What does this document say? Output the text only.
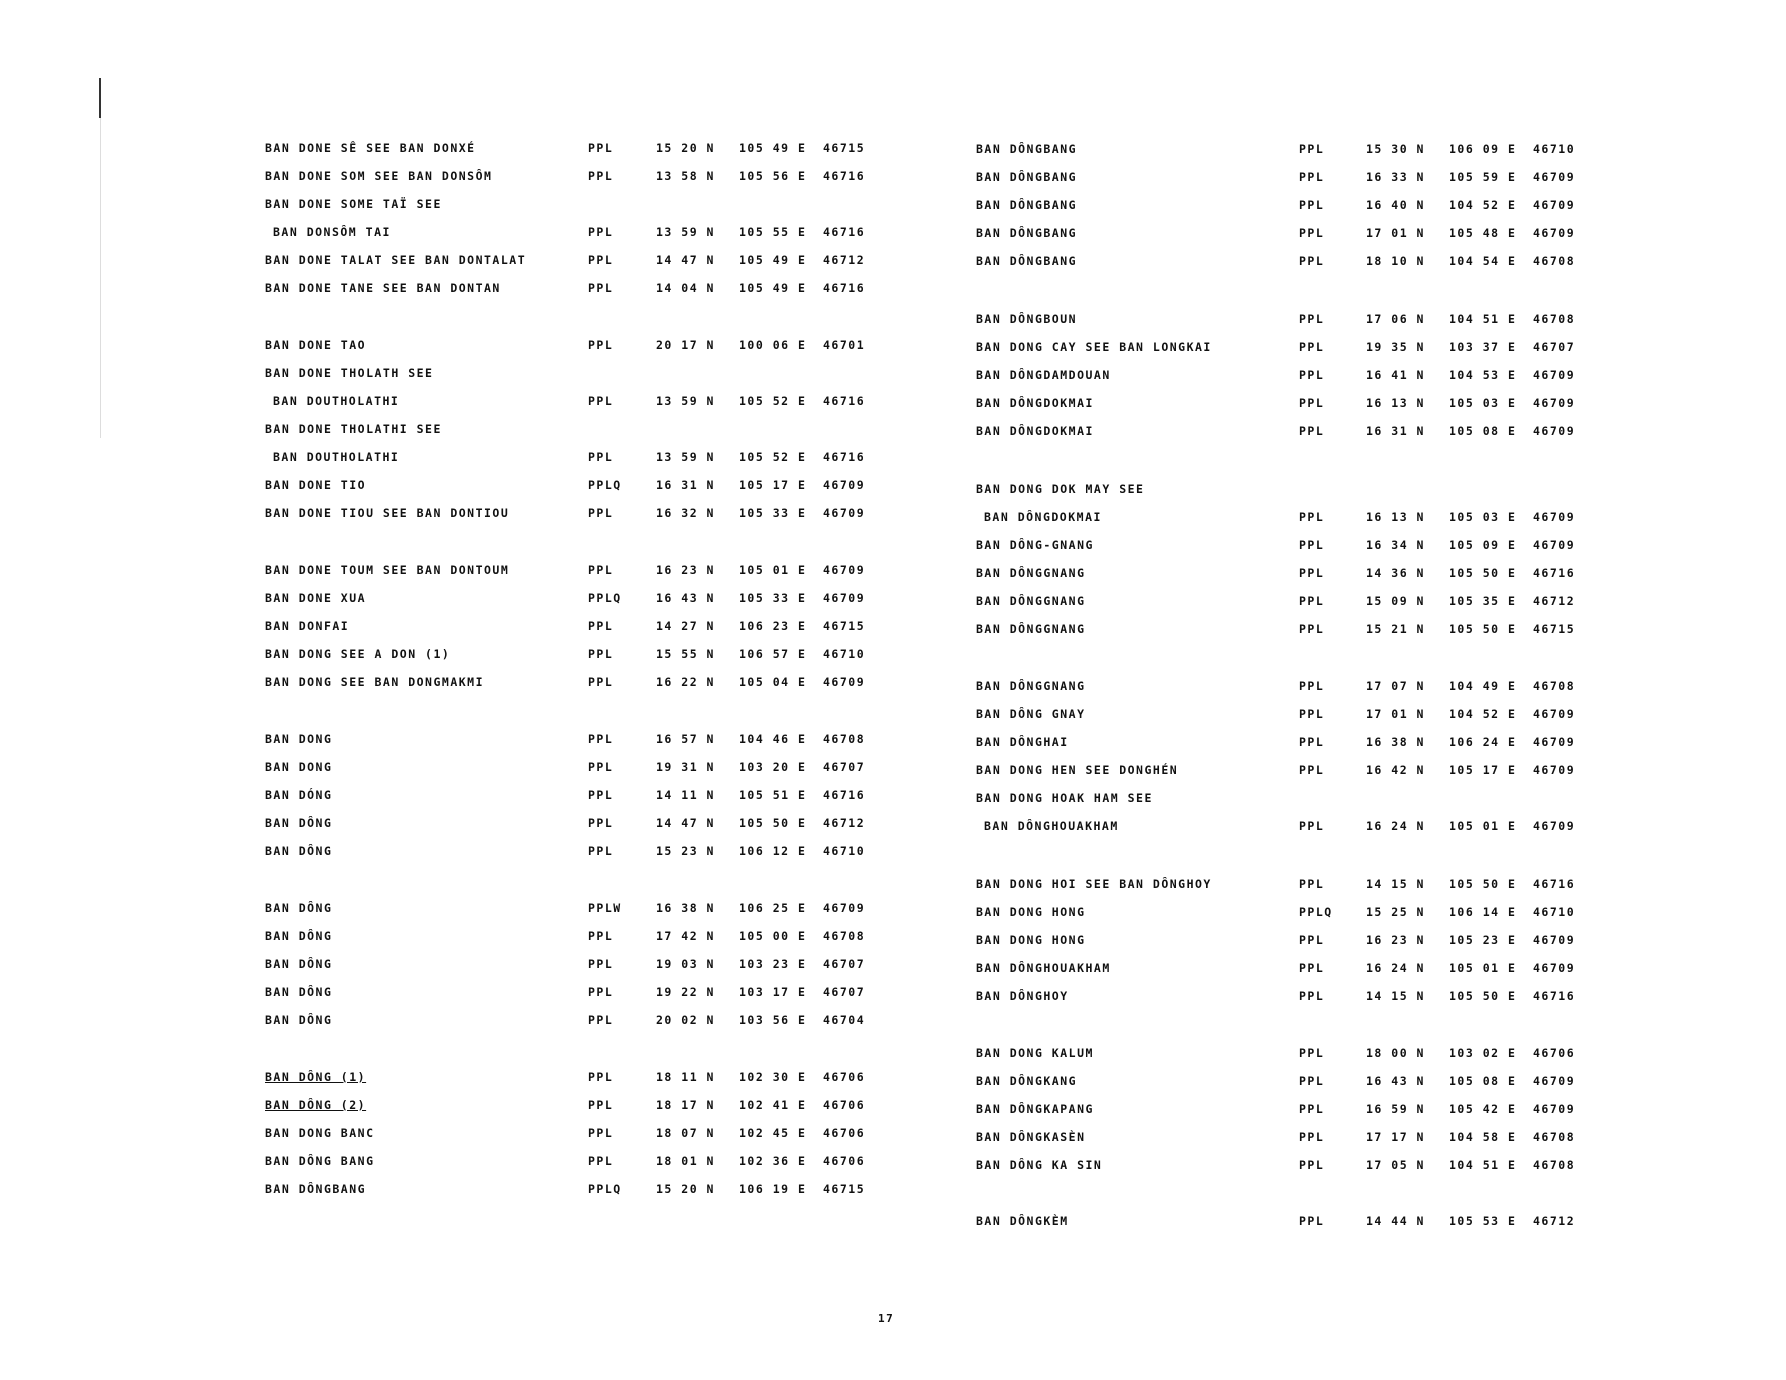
BAN DONE SÊ SEE BAN DONXÉ	PPL	15 20 N 105 49 E 46715
BAN DONE SOM SEE BAN DONSÔM	PPL	13 58 N 105 56 E 46716
BAN DONE SOME TAÏ SEE
BAN DONSÔM TAI	PPL	13 59 N 105 55 E 46716
BAN DONE TALAT SEE BAN DONTALAT	PPL	14 47 N 105 49 E 46712
BAN DONE TANE SEE BAN DONTAN	PPL	14 04 N 105 49 E 46716
BAN DONE TAO	PPL	20 17 N 100 06 E 46701
BAN DONE THOLATH SEE
BAN DOUTHOLATHI	PPL	13 59 N 105 52 E 46716
BAN DONE THOLATHI SEE
BAN DOUTHOLATHI	PPL	13 59 N 105 52 E 46716
BAN DONE TIO	PPLQ	16 31 N 105 17 E 46709
BAN DONE TIOU SEE BAN DONTIOU	PPL	16 32 N 105 33 E 46709
BAN DONE TOUM SEE BAN DONTOUM	PPL	16 23 N 105 01 E 46709
BAN DONE XUA	PPLQ	16 43 N 105 33 E 46709
BAN DONFAI	PPL	14 27 N 106 23 E 46715
BAN DONG SEE A DON (1)	PPL	15 55 N 106 57 E 46710
BAN DONG SEE BAN DONGMAKMI	PPL	16 22 N 105 04 E 46709
BAN DONG	PPL	16 57 N 104 46 E 46708
BAN DONG	PPL	19 31 N 103 20 E 46707
BAN DÓNG	PPL	14 11 N 105 51 E 46716
BAN DÔNG	PPL	14 47 N 105 50 E 46712
BAN DÔNG	PPL	15 23 N 106 12 E 46710
BAN DÔNG	PPLW	16 38 N 106 25 E 46709
BAN DÔNG	PPL	17 42 N 105 00 E 46708
BAN DÔNG	PPL	19 03 N 103 23 E 46707
BAN DÔNG	PPL	19 22 N 103 17 E 46707
BAN DÔNG	PPL	20 02 N 103 56 E 46704
BAN DÔNG (1)	PPL	18 11 N 102 30 E 46706
BAN DÔNG (2)	PPL	18 17 N 102 41 E 46706
BAN DONG BANC	PPL	18 07 N 102 45 E 46706
BAN DÔNG BANG	PPL	18 01 N 102 36 E 46706
BAN DÔNGBANG	PPLQ	15 20 N 106 19 E 46715
BAN DÔNGBANG	PPL	15 30 N 106 09 E 46710
BAN DÔNGBANG	PPL	16 33 N 105 59 E 46709
BAN DÔNGBANG	PPL	16 40 N 104 52 E 46709
BAN DÔNGBANG	PPL	17 01 N 105 48 E 46709
BAN DÔNGBANG	PPL	18 10 N 104 54 E 46708
BAN DÔNGBOUN	PPL	17 06 N 104 51 E 46708
BAN DONG CAY SEE BAN LONGKAI	PPL	19 35 N 103 37 E 46707
BAN DÔNGDAMDOUAN	PPL	16 41 N 104 53 E 46709
BAN DÔNGDOKMAI	PPL	16 13 N 105 03 E 46709
BAN DÔNGDOKMAI	PPL	16 31 N 105 08 E 46709
BAN DONG DOK MAY SEE
BAN DÔNGDOKMAI	PPL	16 13 N 105 03 E 46709
BAN DÔNG-GNANG	PPL	16 34 N 105 09 E 46709
BAN DÔNGGNANG	PPL	14 36 N 105 50 E 46716
BAN DÔNGGNANG	PPL	15 09 N 105 35 E 46712
BAN DÔNGGNANG	PPL	15 21 N 105 50 E 46715
BAN DÔNGGNANG	PPL	17 07 N 104 49 E 46708
BAN DÔNG GNAY	PPL	17 01 N 104 52 E 46709
BAN DÔNGHAI	PPL	16 38 N 106 24 E 46709
BAN DONG HEN SEE DONGHÉN	PPL	16 42 N 105 17 E 46709
BAN DONG HOAK HAM SEE
BAN DÔNGHOUAKHAM	PPL	16 24 N 105 01 E 46709
BAN DONG HOI SEE BAN DÔNGHOY	PPL	14 15 N 105 50 E 46716
BAN DONG HONG	PPLQ	15 25 N 106 14 E 46710
BAN DONG HONG	PPL	16 23 N 105 23 E 46709
BAN DÔNGHOUAKHAM	PPL	16 24 N 105 01 E 46709
BAN DÔNGHOY	PPL	14 15 N 105 50 E 46716
BAN DONG KALUM	PPL	18 00 N 103 02 E 46706
BAN DÔNGKANG	PPL	16 43 N 105 08 E 46709
BAN DÔNGKAPANG	PPL	16 59 N 105 42 E 46709
BAN DÔNGKASÈN	PPL	17 17 N 104 58 E 46708
BAN DÔNG KA SIN	PPL	17 05 N 104 51 E 46708
BAN DÔNGKÈM	PPL	14 44 N 105 53 E 46712
17
